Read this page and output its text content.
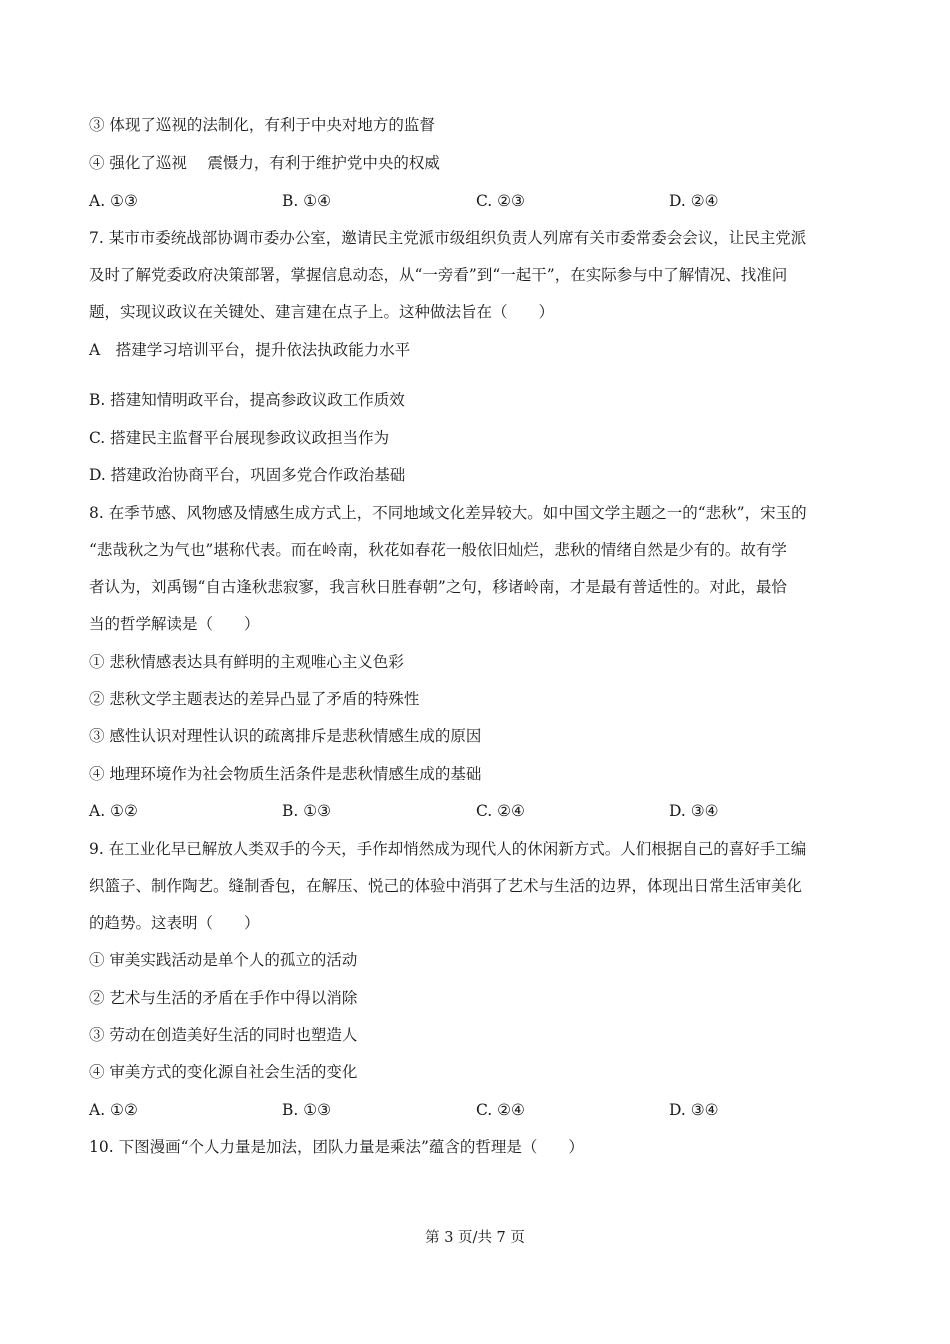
③ 体现了巡视的法制化，有利于中央对地方的监督
④ 强化了巡视　 震慑力，有利于维护党中央的权威
A. ①③	B. ①④	C. ②③	D. ②④
7. 某市市委统战部协调市委办公室，邀请民主党派市级组织负责人列席有关市委常委会会议，让民主党派
及时了解党委政府决策部署，掌握信息动态，从“一旁看”到“一起干”，在实际参与中了解情况、找准问
题，实现议政议在关键处、建言建在点子上。这种做法旨在（　　）
A　搭建学习培训平台，提升依法执政能力水平
B. 搭建知情明政平台，提高参政议政工作质效
C. 搭建民主监督平台展现参政议政担当作为
D. 搭建政治协商平台，巩固多党合作政治基础
8. 在季节感、风物感及情感生成方式上，不同地域文化差异较大。如中国文学主题之一的“悲秋”，宋玉的
“悲哉秋之为气也”堪称代表。而在岭南，秋花如春花一般依旧灿烂，悲秋的情绪自然是少有的。故有学
者认为，刘禹锡“自古逢秋悲寂寥，我言秋日胜春朝”之句，移诸岭南，才是最有普适性的。对此，最恰
当的哲学解读是（　　）
① 悲秋情感表达具有鲜明的主观唯心主义色彩
② 悲秋文学主题表达的差异凸显了矛盾的特殊性
③ 感性认识对理性认识的疏离排斥是悲秋情感生成的原因
④ 地理环境作为社会物质生活条件是悲秋情感生成的基础
A. ①②	B. ①③	C. ②④	D. ③④
9. 在工业化早已解放人类双手的今天，手作却悄然成为现代人的休闲新方式。人们根据自己的喜好手工编
织篮子、制作陶艺。缝制香包，在解压、悦己的体验中消弭了艺术与生活的边界，体现出日常生活审美化
的趋势。这表明（　　）
① 审美实践活动是单个人的孤立的活动
② 艺术与生活的矛盾在手作中得以消除
③ 劳动在创造美好生活的同时也塑造人
④ 审美方式的变化源自社会生活的变化
A. ①②	B. ①③	C. ②④	D. ③④
10. 下图漫画“个人力量是加法，团队力量是乘法”蕴含的哲理是（　　）
第 3 页/共 7 页
